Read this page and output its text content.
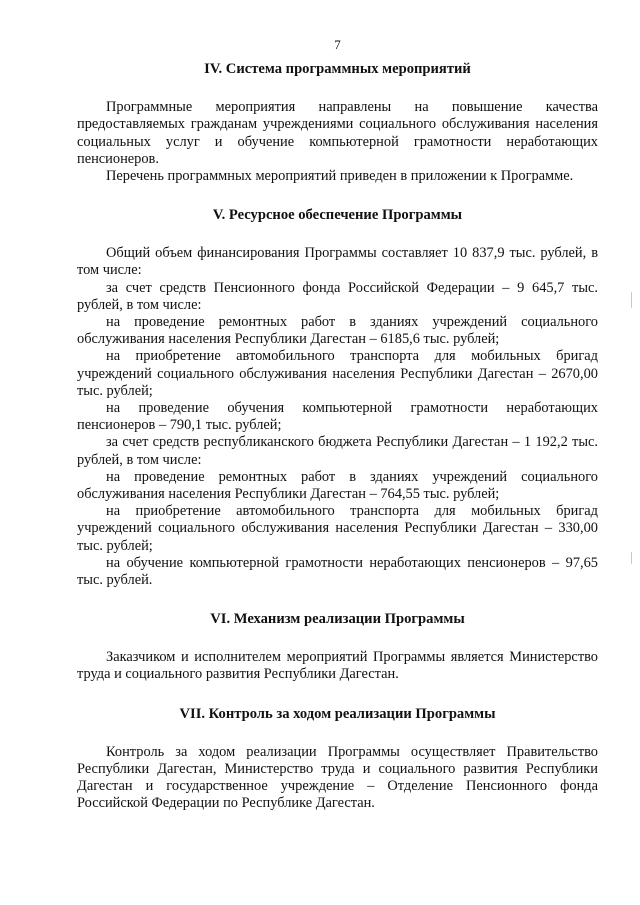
7
IV. Система программных мероприятий

Программные мероприятия направлены на повышение качества предоставляемых гражданам учреждениями социального обслуживания населения социальных услуг и обучение компьютерной грамотности неработающих пенсионеров.

Перечень программных мероприятий приведен в приложении к Программе.

V. Ресурсное обеспечение Программы

Общий объем финансирования Программы составляет 10 837,9 тыс. рублей, в том числе:

за счет средств Пенсионного фонда Российской Федерации – 9 645,7 тыс. рублей, в том числе:

на проведение ремонтных работ в зданиях учреждений социального обслуживания населения Республики Дагестан – 6185,6 тыс. рублей;

на приобретение автомобильного транспорта для мобильных бригад учреждений социального обслуживания населения Республики Дагестан – 2670,00 тыс. рублей;

на проведение обучения компьютерной грамотности неработающих пенсионеров – 790,1 тыс. рублей;

за счет средств республиканского бюджета Республики Дагестан – 1 192,2 тыс. рублей, в том числе:

на проведение ремонтных работ в зданиях учреждений социального обслуживания населения Республики Дагестан – 764,55 тыс. рублей;

на приобретение автомобильного транспорта для мобильных бригад учреждений социального обслуживания населения Республики Дагестан – 330,00 тыс. рублей;

на обучение компьютерной грамотности неработающих пенсионеров – 97,65 тыс. рублей.

VI. Механизм реализации Программы

Заказчиком и исполнителем мероприятий Программы является Министерство труда и социального развития Республики Дагестан.

VII. Контроль за ходом реализации Программы

Контроль за ходом реализации Программы осуществляет Правительство Республики Дагестан, Министерство труда и социального развития Республики Дагестан и государственное учреждение – Отделение Пенсионного фонда Российской Федерации по Республике Дагестан.
